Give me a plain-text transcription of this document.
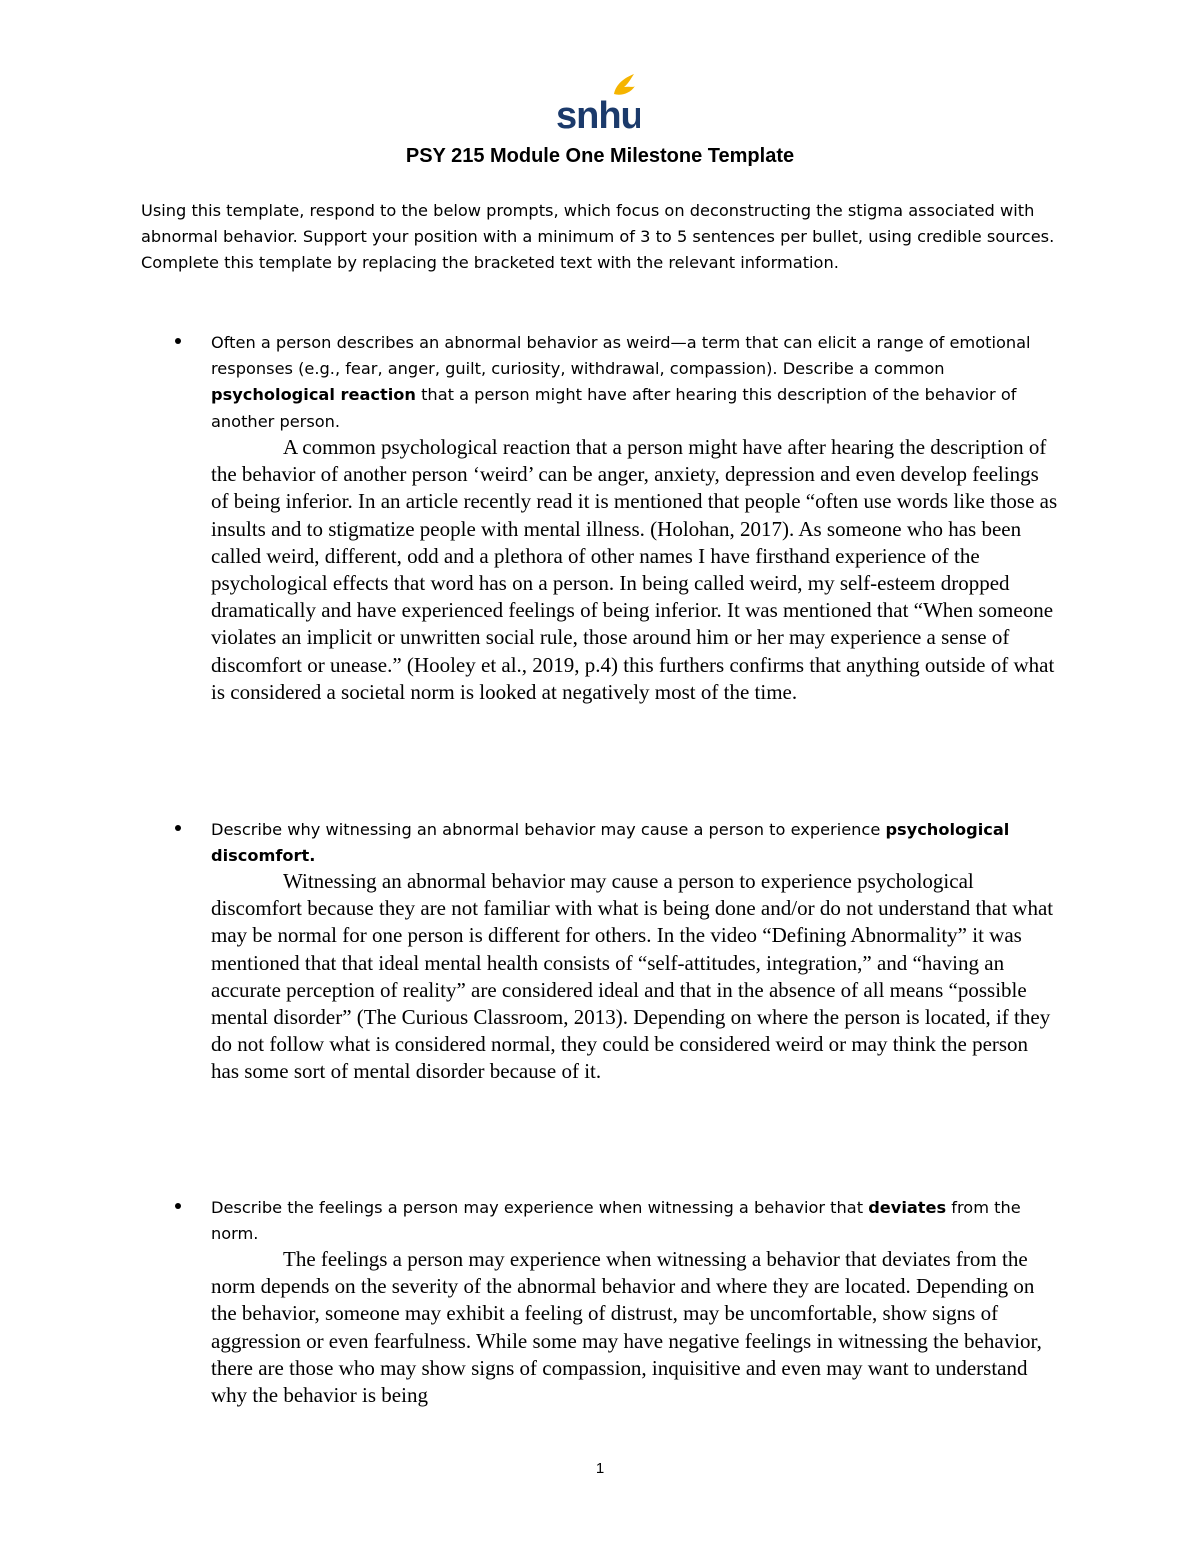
snhu
PSY 215 Module One Milestone Template
Using this template, respond to the below prompts, which focus on deconstructing the stigma associated with abnormal behavior. Support your position with a minimum of 3 to 5 sentences per bullet, using credible sources. Complete this template by replacing the bracketed text with the relevant information.
Often a person describes an abnormal behavior as weird—a term that can elicit a range of emotional responses (e.g., fear, anger, guilt, curiosity, withdrawal, compassion). Describe a common psychological reaction that a person might have after hearing this description of the behavior of another person.
A common psychological reaction that a person might have after hearing the description of the behavior of another person ‘weird’ can be anger, anxiety, depression and even develop feelings of being inferior. In an article recently read it is mentioned that people “often use words like those as insults and to stigmatize people with mental illness. (Holohan, 2017). As someone who has been called weird, different, odd and a plethora of other names I have firsthand experience of the psychological effects that word has on a person. In being called weird, my self-esteem dropped dramatically and have experienced feelings of being inferior. It was mentioned that “When someone violates an implicit or unwritten social rule, those around him or her may experience a sense of discomfort or unease.” (Hooley et al., 2019, p.4) this furthers confirms that anything outside of what is considered a societal norm is looked at negatively most of the time.
Describe why witnessing an abnormal behavior may cause a person to experience psychological discomfort.
Witnessing an abnormal behavior may cause a person to experience psychological discomfort because they are not familiar with what is being done and/or do not understand that what may be normal for one person is different for others. In the video “Defining Abnormality” it was mentioned that that ideal mental health consists of “self-attitudes, integration,” and “having an accurate perception of reality” are considered ideal and that in the absence of all means “possible mental disorder” (The Curious Classroom, 2013). Depending on where the person is located, if they do not follow what is considered normal, they could be considered weird or may think the person has some sort of mental disorder because of it.
Describe the feelings a person may experience when witnessing a behavior that deviates from the norm.
The feelings a person may experience when witnessing a behavior that deviates from the norm depends on the severity of the abnormal behavior and where they are located. Depending on the behavior, someone may exhibit a feeling of distrust, may be uncomfortable, show signs of aggression or even fearfulness. While some may have negative feelings in witnessing the behavior, there are those who may show signs of compassion, inquisitive and even may want to understand why the behavior is being
1
